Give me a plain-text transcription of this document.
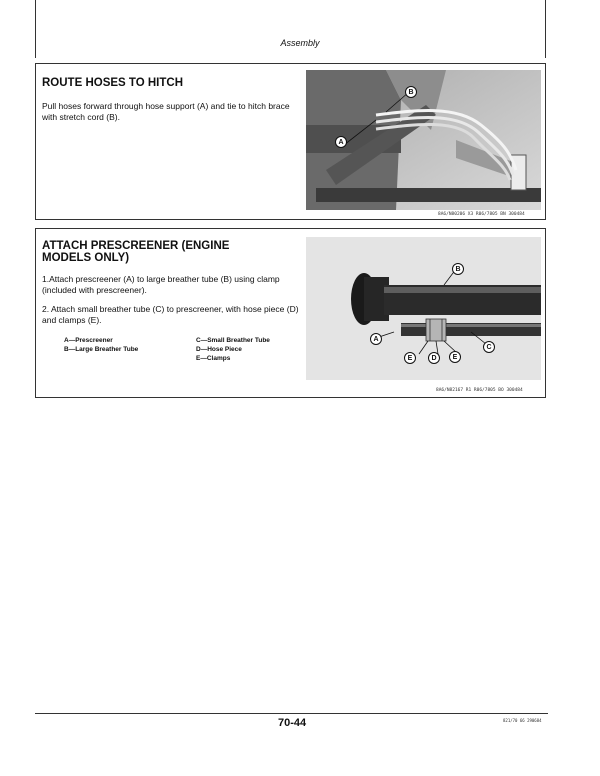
Assembly
ROUTE HOSES TO HITCH
Pull hoses forward through hose support (A) and tie to hitch brace with stretch cord (B).
B
A
8A6/N80206 X3 R06/7805 BN 300484
ATTACH PRESCREENER (ENGINE
MODELS ONLY)
1.Attach prescreener (A) to large breather tube (B) using clamp (included with prescreener).
2. Attach small breather tube (C) to prescreener, with hose piece (D) and clamps (E).
A—Prescreener
B—Large Breather Tube
C—Small Breather Tube
D—Hose Piece
E—Clamps
B
A
E	D	E
C
8A6/N82167 R1 R06/7805 BO 300484
70-44	821/70 66 290684
